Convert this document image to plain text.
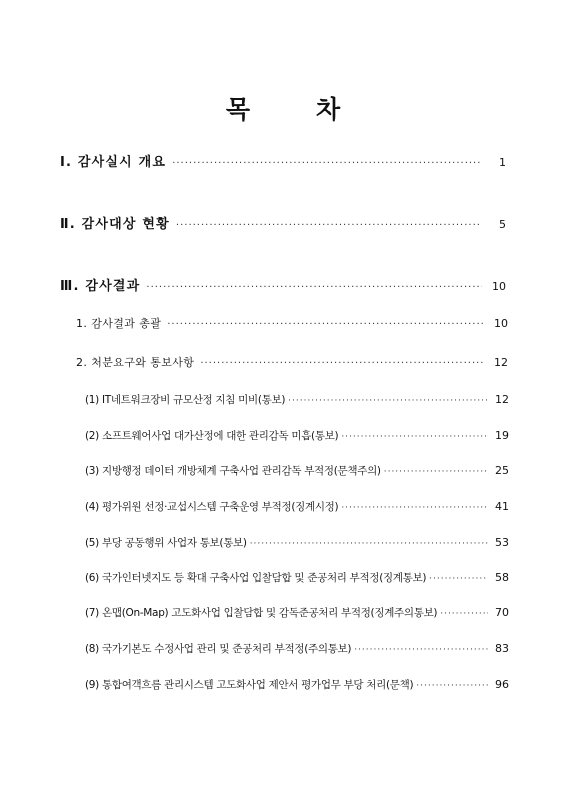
목	차
Ⅰ. 감사실시 개요 ·····	1
Ⅱ. 감사대상 현황 ·····	5
Ⅲ. 감사결과 ·····	10
1. 감사결과 총괄 ·····	10
2. 처분요구와 통보사항 ·····	12
(1) IT네트워크장비 규모산정 지침 미비(통보) ·····	12
(2) 소프트웨어사업 대가산정에 대한 관리감독 미흡(통보) ·····	19
(3) 지방행정 데이터 개방체계 구축사업 관리감독 부적정(문책주의) ·····	25
(4) 평가위원 선정·교섭시스템 구축운영 부적정(징계시정) ·····	41
(5) 부당 공동행위 사업자 통보(통보) ·····	53
(6) 국가인터넷지도 등 확대 구축사업 입찰담합 및 준공처리 부적정(징계통보) ·····	58
(7) 온맵(On-Map) 고도화사업 입찰담합 및 감독준공처리 부적정(징계주의통보) ·····	70
(8) 국가기본도 수정사업 관리 및 준공처리 부적정(주의통보) ·····	83
(9) 통합여객흐름 관리시스템 고도화사업 제안서 평가업무 부당 처리(문책) ·····	96
